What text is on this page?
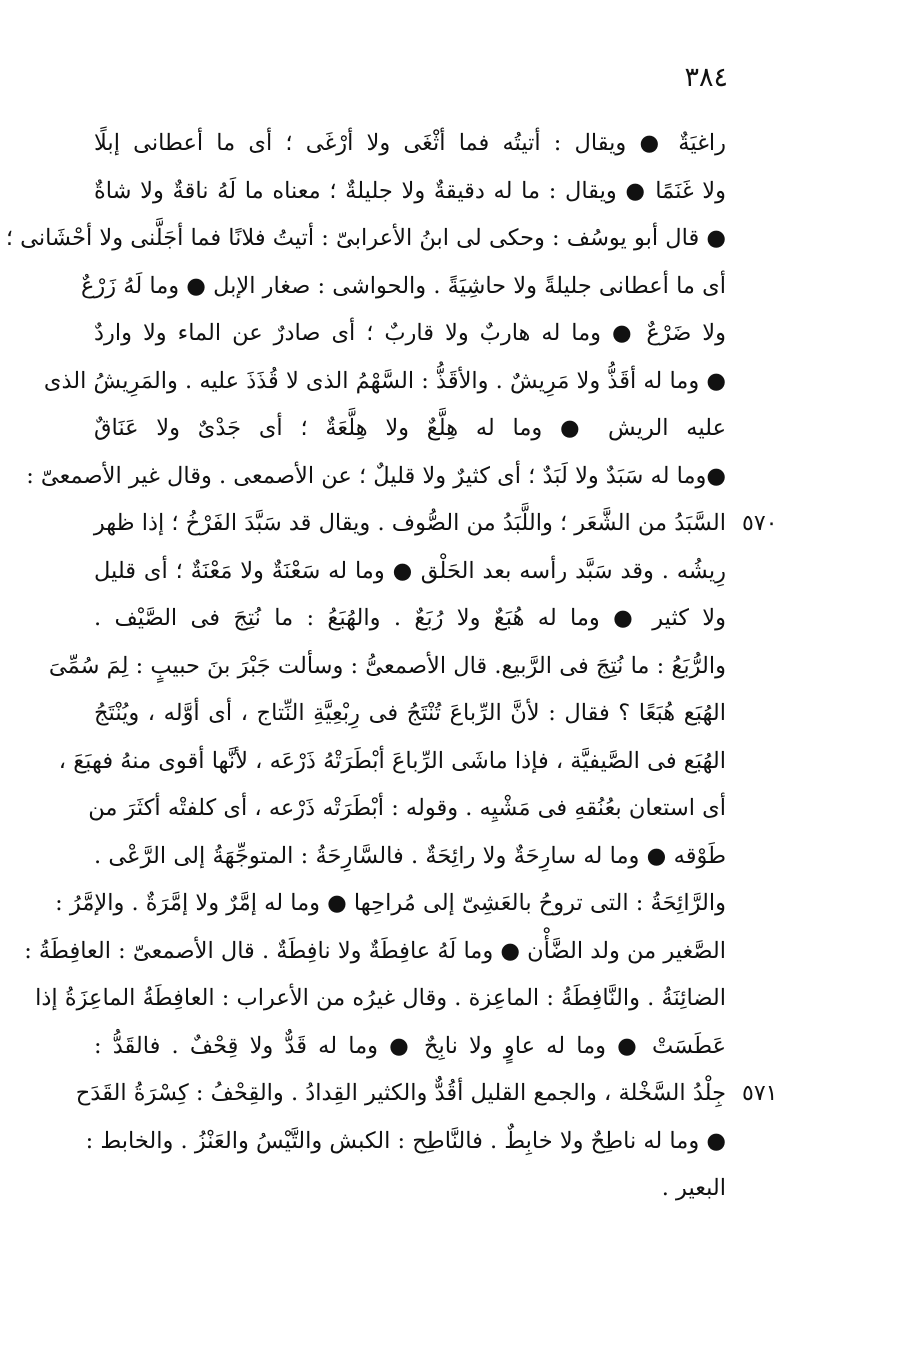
٣٨٤
راغيَةٌ ● ويقال : أتيتُه فما أثْغَى ولا أرْغَى ؛ أى ما أعطانى إبلًا
ولا غَنَمًا ● ويقال : ما له دقيقةٌ ولا جليلةٌ ؛ معناه ما لَهُ ناقةٌ ولا شاةٌ
● قال أبو يوسُف : وحكى لى ابنُ الأعرابىّ : أتيتُ فلانًا فما أجَلَّنى ولا أحْشَانى ؛
أى ما أعطانى جليلةً ولا حاشِيَةً . والحواشى : صغار الإبل ● وما لَهُ زَرْعٌ
ولا ضَرْعٌ ● وما له هاربٌ ولا قاربٌ ؛ أى صادرٌ عن الماء ولا واردٌ
● وما له أقَذُّ ولا مَرِيشٌ . والأقَذُّ : السَّهْمُ الذى لا قُذَذَ عليه . والمَرِيشُ الذى
عليه الريش ● وما له هِلَّعٌ ولا هِلَّعَةٌ ؛ أى جَدْىٌ ولا عَنَاقٌ
●وما له سَبَدٌ ولا لَبَدٌ ؛ أى كثيرٌ ولا قليلٌ ؛ عن الأصمعى . وقال غير الأصمعىّ :
السَّبَدُ من الشَّعَر ؛ واللَّبَدُ من الصُّوف . ويقال قد سَبَّدَ الفَرْخُ ؛ إذا ظهر
رِيشُه . وقد سَبَّد رأسه بعد الحَلْق ● وما له سَعْنَةٌ ولا مَعْنَةٌ ؛ أى قليل
ولا كثير ● وما له هُبَعٌ ولا رُبَعٌ . والهُبَعُ : ما نُتِجَ فى الصَّيْف .
والرُّبَعُ : ما نُتِجَ فى الرَّبيع. قال الأصمعىُّ : وسألت جَبْرَ بنَ حبيبٍ : لِمَ سُمِّىَ
الهُبَع هُبَعًا ؟ فقال : لأنَّ الرِّباعَ تُنْتَجُ فى رِبْعِيَّةِ النِّتاج ، أى أوَّله ، ويُنْتَجُ
الهُبَع فى الصَّيفيَّة ، فإذا ماشَى الرِّباعَ أبْطَرَتْهُ ذَرْعَه ، لأنَّها أقوى منهُ فهبَعَ ،
أى استعان بعُنُقهِ فى مَشْيِه . وقوله : أبْطَرَتْه ذَرْعه ، أى كلفتْه أكثَرَ من
طَوْقه ● وما له سارِحَةٌ ولا رائِحَةٌ . فالسَّارِحَةُ : المتوجِّهَةُ إلى الرَّعْى .
والرَّائِحَةُ : التى تروحُ بالعَشِىّ إلى مُراحِها ● وما له إمَّرٌ ولا إمَّرَةٌ . والإمَّرُ :
الصَّغير من ولد الضَّأْن ● وما لَهُ عافِطَةٌ ولا نافِطَةٌ . قال الأصمعىّ : العافِطَةُ :
الضائِنَةُ . والنَّافِطَةُ : الماعِزة . وقال غيرُه من الأعراب : العافِطَةُ الماعِزَةُ إذا
عَطَسَتْ ● وما له عاوٍ ولا نابِحٌ ● وما له قَدٌّ ولا قِحْفٌ . فالقَدُّ :
جِلْدُ السَّخْلة ، والجمع القليل أقُدٌّ والكثير القِدادُ . والقِحْفُ : كِسْرَةُ القَدَح
● وما له ناطِحٌ ولا خابِطٌ . فالنَّاطِح : الكبش والتَّيْسُ والعَنْزُ . والخابط :
البعير .
٥٧٠
٥٧١
